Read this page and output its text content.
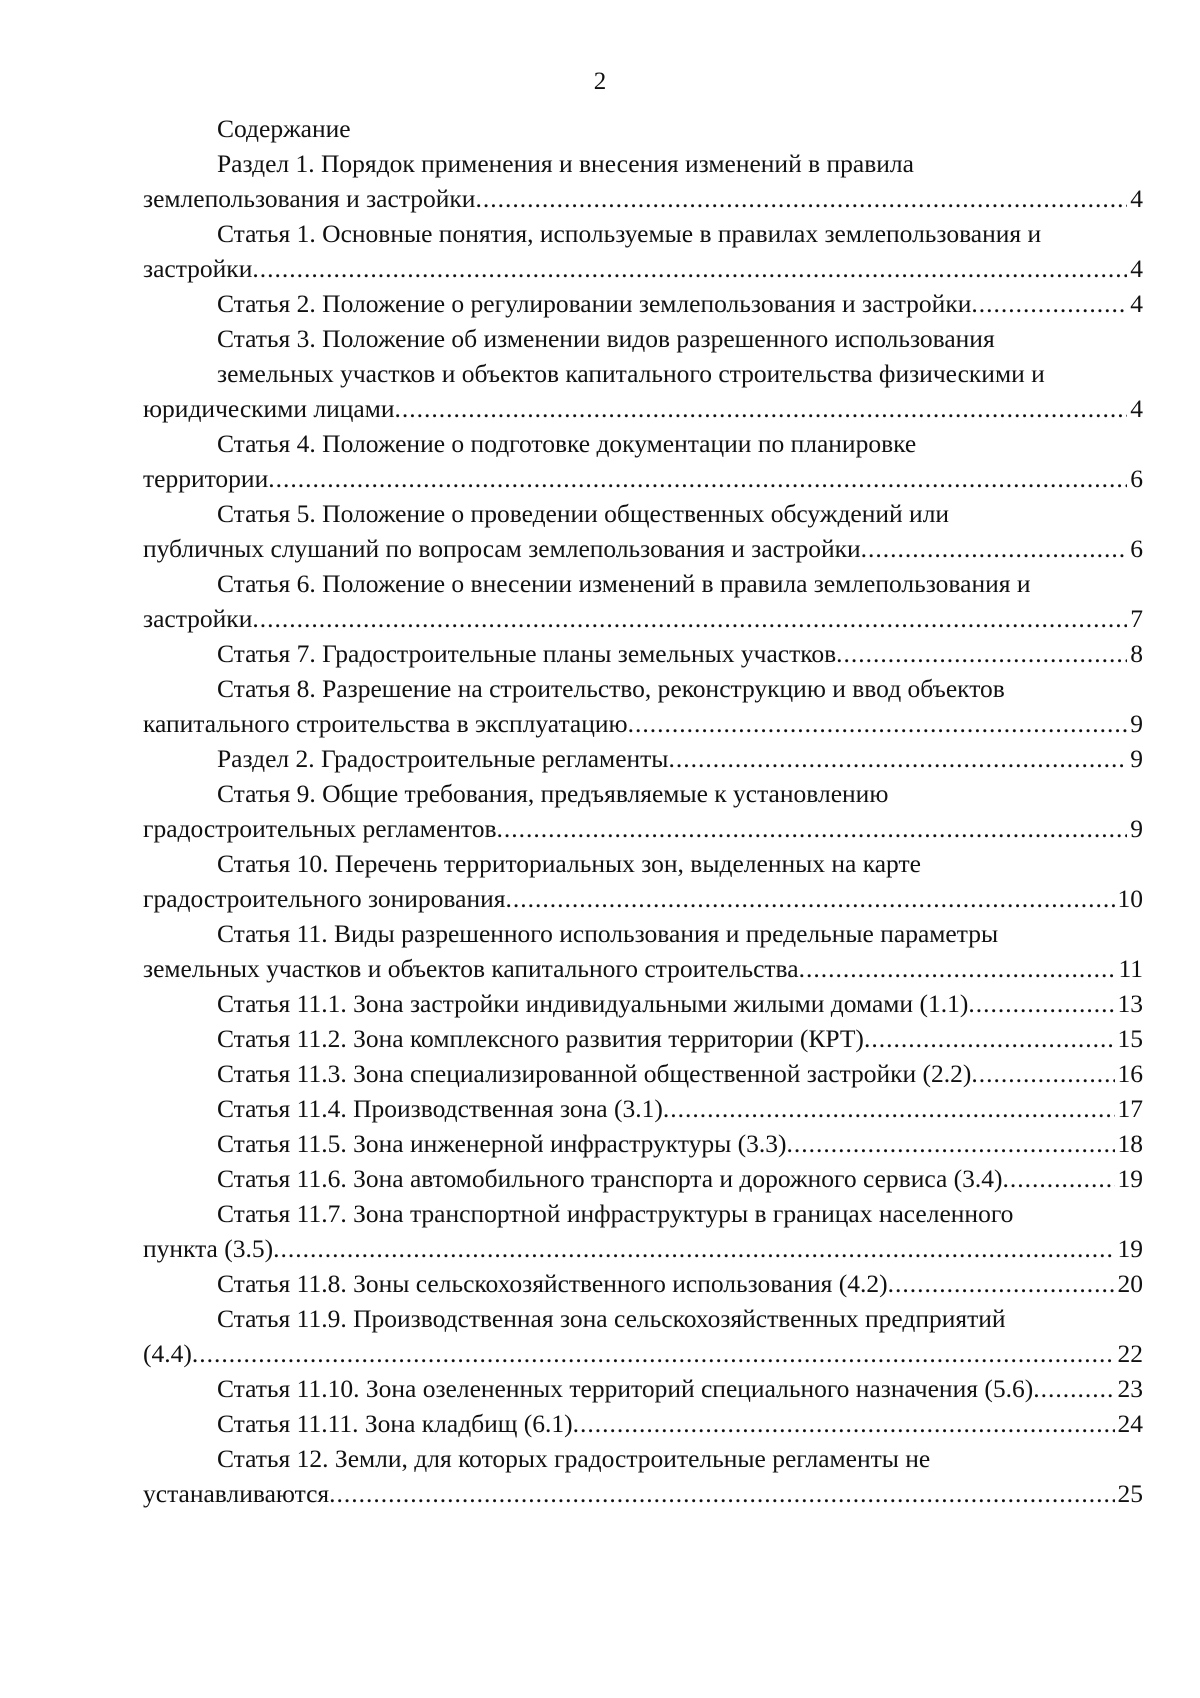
2
Содержание
Раздел 1. Порядок применения и внесения изменений в правила
землепользования и застройки .....	4
Статья 1. Основные понятия, используемые в правилах землепользования и
застройки .....	4
Статья 2. Положение о регулировании землепользования и застройки .....	4
Статья 3. Положение об изменении видов разрешенного использования
земельных участков и объектов капитального строительства физическими и
юридическими лицами .....	4
Статья 4. Положение о подготовке документации по планировке
территории .....	6
Статья 5. Положение о проведении общественных обсуждений или
публичных слушаний по вопросам землепользования и застройки .....	6
Статья 6. Положение о внесении изменений в правила землепользования и
застройки .....	7
Статья 7. Градостроительные планы земельных участков .....	8
Статья 8. Разрешение на строительство, реконструкцию и ввод объектов
капитального строительства в эксплуатацию .....	9
Раздел 2. Градостроительные регламенты .....	9
Статья 9. Общие требования, предъявляемые к установлению
градостроительных регламентов .....	9
Статья 10. Перечень территориальных зон, выделенных на карте
градостроительного зонирования .....	10
Статья 11. Виды разрешенного использования и предельные параметры
земельных участков и объектов капитального строительства .....	11
Статья 11.1. Зона застройки индивидуальными жилыми домами (1.1) .....	13
Статья 11.2. Зона комплексного развития территории (КРТ) .....	15
Статья 11.3. Зона специализированной общественной застройки (2.2) .....	16
Статья 11.4. Производственная зона (3.1) .....	17
Статья 11.5. Зона инженерной инфраструктуры (3.3) .....	18
Статья 11.6. Зона автомобильного транспорта и дорожного сервиса (3.4) .....	19
Статья 11.7. Зона транспортной инфраструктуры в границах населенного
пункта (3.5) .....	19
Статья 11.8. Зоны сельскохозяйственного использования (4.2) .....	20
Статья 11.9. Производственная зона сельскохозяйственных предприятий
(4.4) .....	22
Статья 11.10. Зона озелененных территорий специального назначения (5.6) .....	23
Статья 11.11. Зона кладбищ (6.1) .....	24
Статья 12. Земли, для которых градостроительные регламенты не
устанавливаются .....	25
